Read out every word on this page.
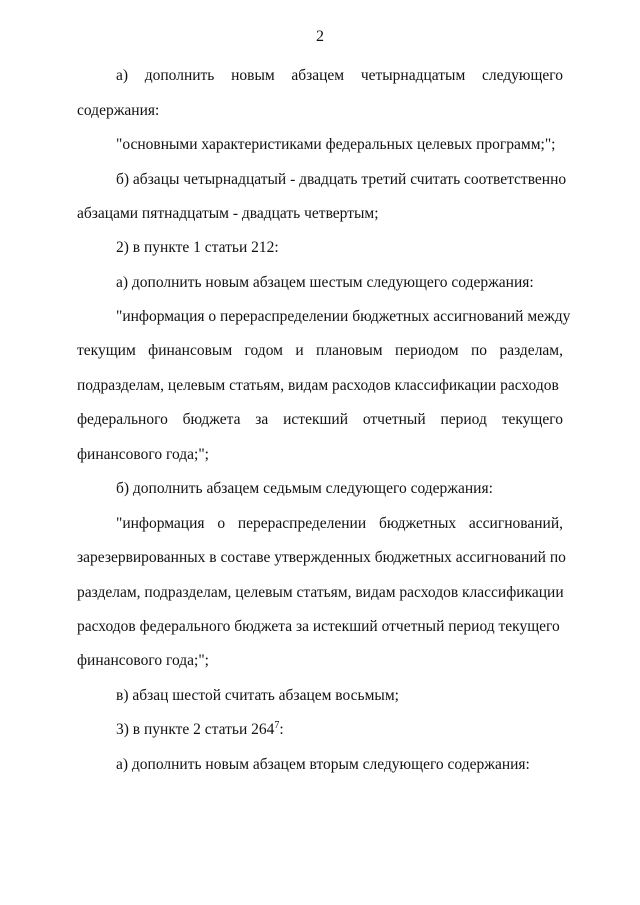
2
а) дополнить новым абзацем четырнадцатым следующего
содержания:
"основными характеристиками федеральных целевых программ;";
б) абзацы четырнадцатый - двадцать третий считать соответственно
абзацами пятнадцатым - двадцать четвертым;
2) в пункте 1 статьи 212:
а) дополнить новым абзацем шестым следующего содержания:
"информация о перераспределении бюджетных ассигнований между
текущим финансовым годом и плановым периодом по разделам,
подразделам, целевым статьям, видам расходов классификации расходов
федерального бюджета за истекший отчетный период текущего
финансового года;";
б) дополнить абзацем седьмым следующего содержания:
"информация о перераспределении бюджетных ассигнований,
зарезервированных в составе утвержденных бюджетных ассигнований по
разделам, подразделам, целевым статьям, видам расходов классификации
расходов федерального бюджета за истекший отчетный период текущего
финансового года;";
в) абзац шестой считать абзацем восьмым;
3) в пункте 2 статьи $264^7$:
а) дополнить новым абзацем вторым следующего содержания:
